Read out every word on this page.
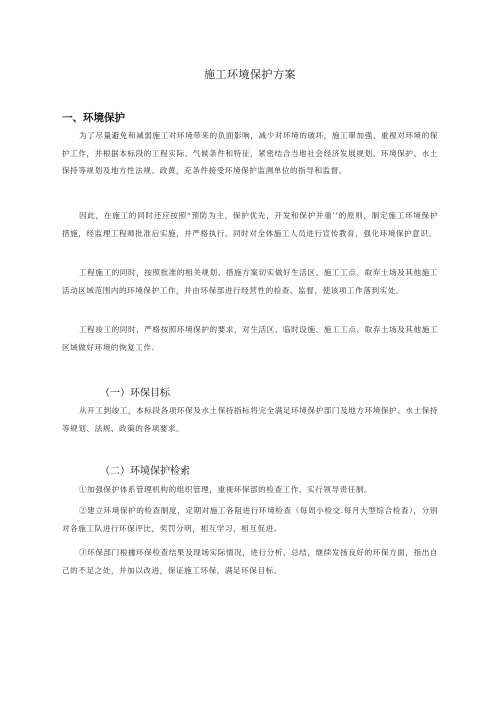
施工环境保护方案
一、环境保护

为了尽量避免和减弱施工对环境带来的负面影响，减少对环境的破坏，施工單加强、重视对环境的保护工作，并根据本标段的工程实际、气候条件和特征，紧密结合当地社会经济发展规划、环境保护、水土保持等规划及地方性法规、政黄，充条件接受环境保护监测单位的指导和监督。

因此，在施工的同时还应按照“预防为主，保护优先，开发和保护并重’’的原则，制定施工环境保护措施，经监理工程师批准后实施，并严格执行。同时对全体施工人员进行宣传教育，强化环境保护意识。

工程施工的同时，按照批准的相关规划、措施方案切实做好生活区、施工工点、取弃土场及其他施工活动区域范围内的环境保护工作，并由环保部进行经营性的检查、监督，使该项工作落到实处。

工程竣工的同时，严格按照环境保护的要求，对生活区、临时设施、施工工点、取弃土场及其他施工区域做好环境的恢复工作.

（一）环保目标

从开工到竣工，本标段各项环保及水土保持指标将完全满足环境保护部门及地方环境保护、水土保持等规划、法规、政策的各项要求。

（二）环境保护检索

①加强保护体系管理机构的组织管理，重视环保部的检查工作，实行领导责任制。

②建立环境保护的检查制度，定期对施工各阻进行环境检查（每周小检交.每月大型综合检查），分别对各施工队进行环保评比，奖罚分明，相互学习，相互促进。

③环保部门根據环保检查结果及现场实际情况，进行分析、总结，继续发扬良好的环保方面，指出自己的不足之处，并加以改进，保证施工环保，满足环保目标。
